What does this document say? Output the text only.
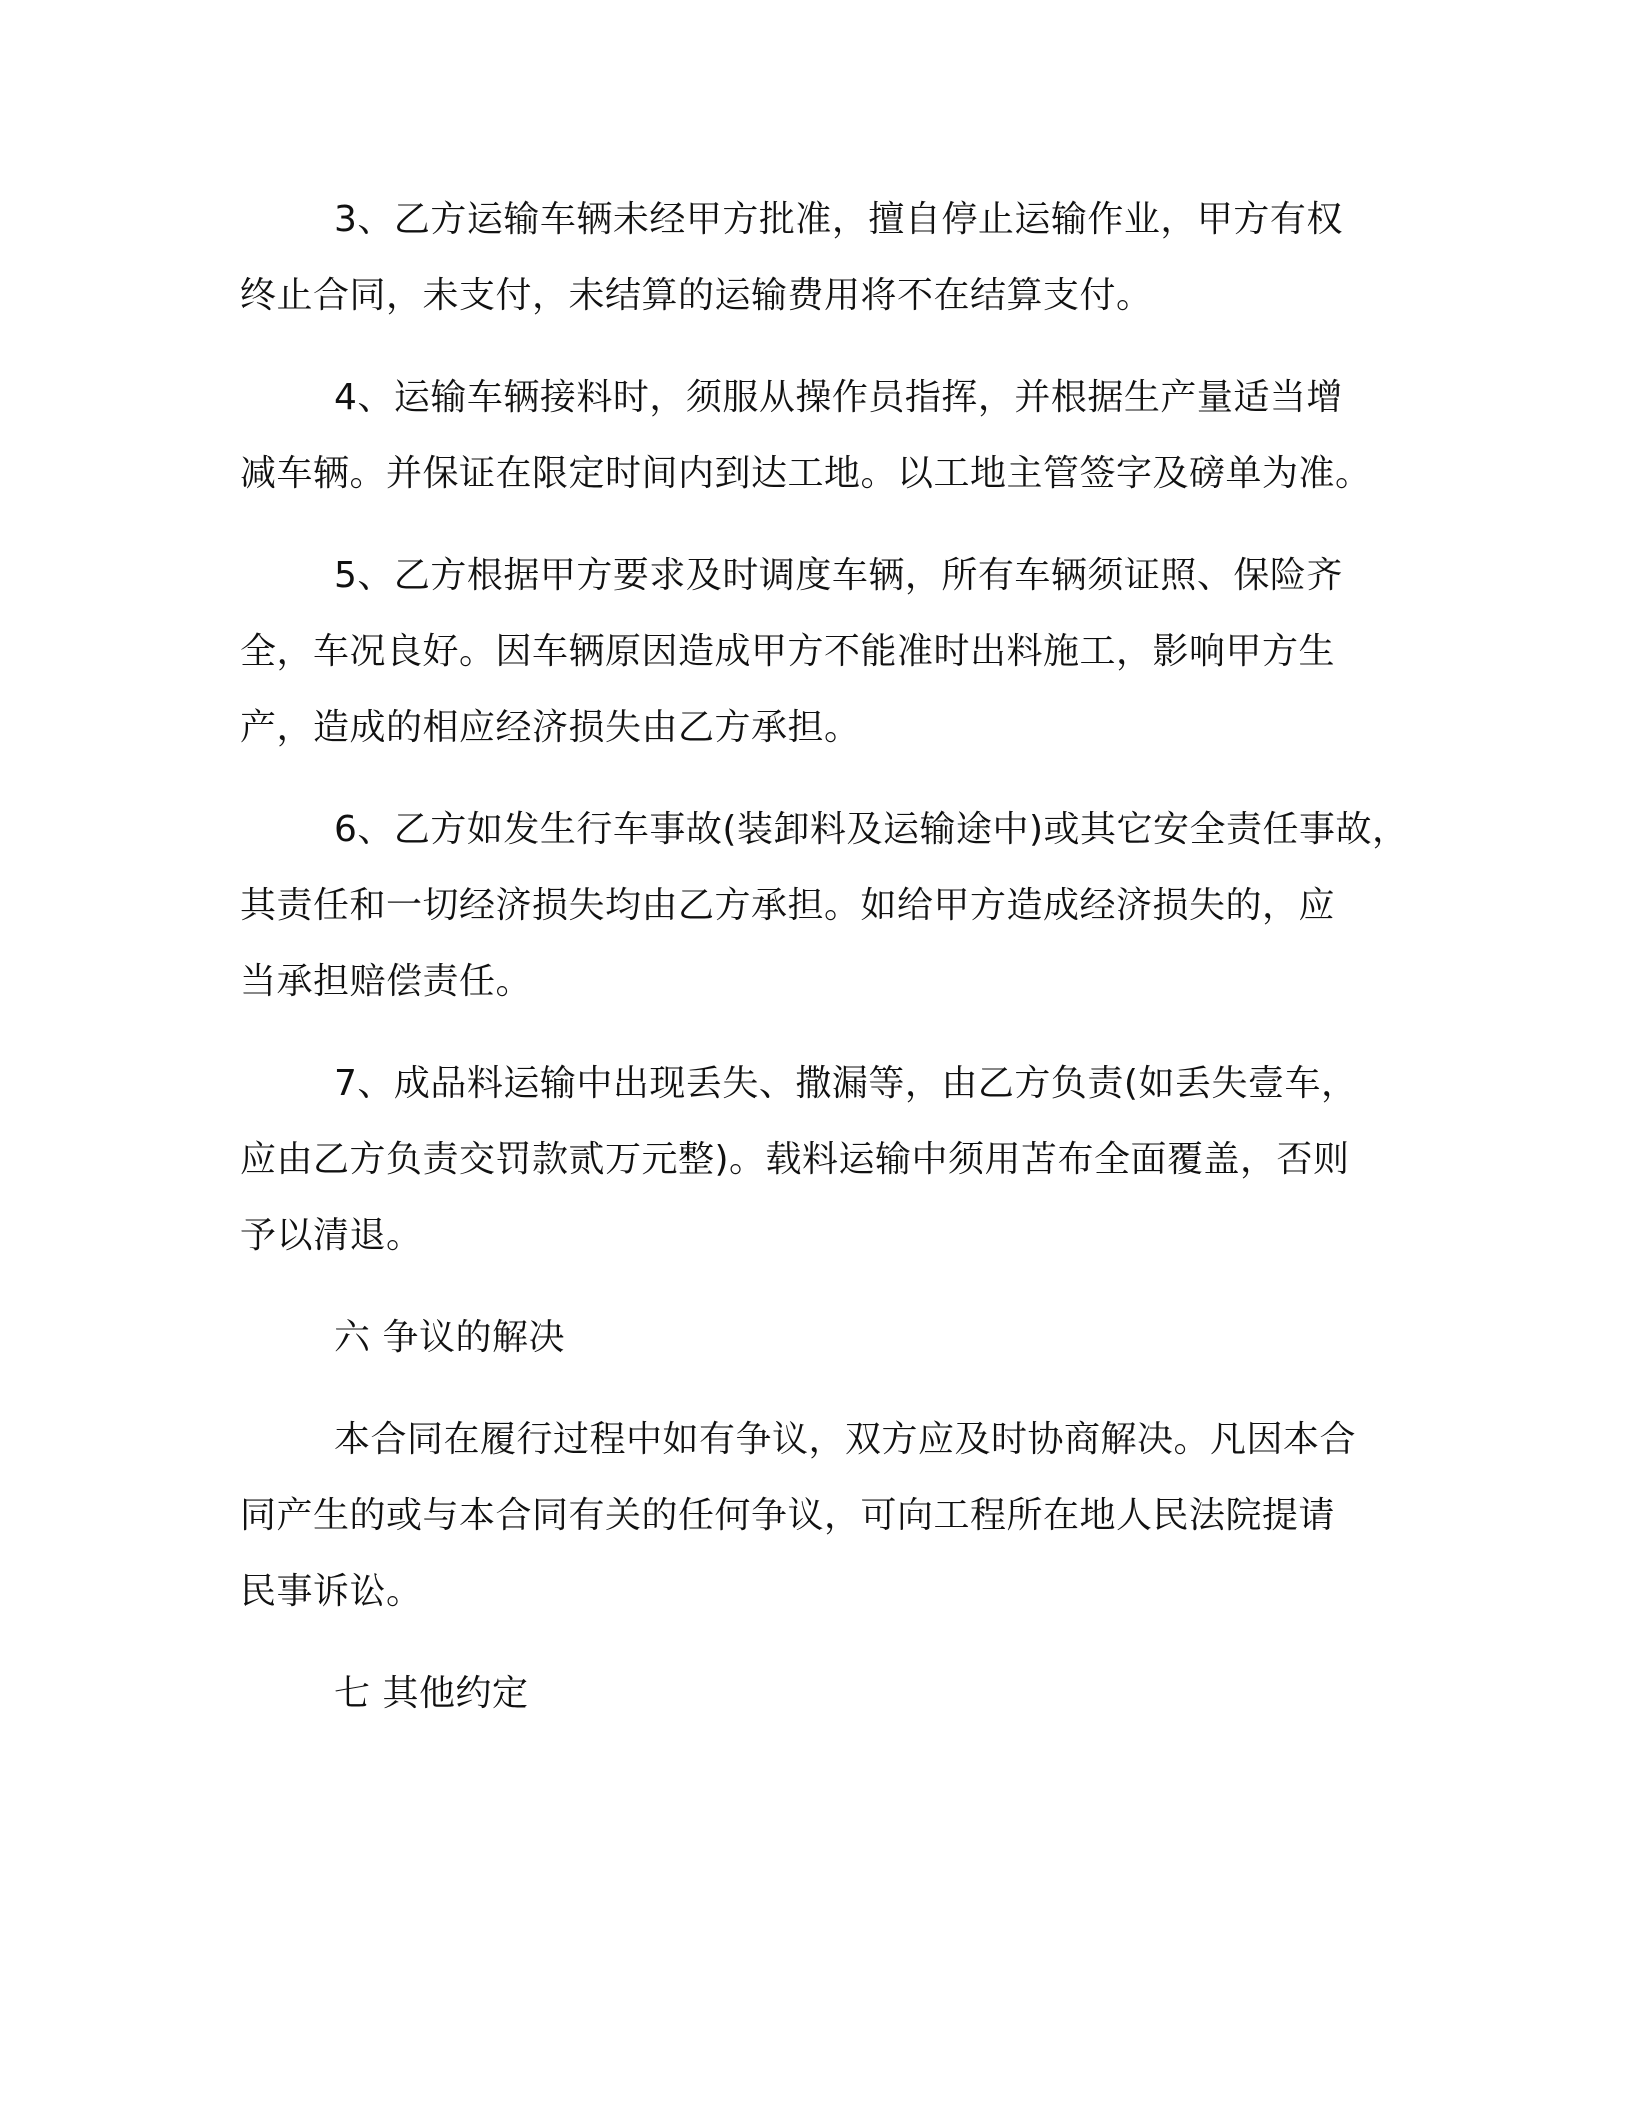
3、乙方运输车辆未经甲方批准，擅自停止运输作业，甲方有权
终止合同，未支付，未结算的运输费用将不在结算支付。
4、运输车辆接料时，须服从操作员指挥，并根据生产量适当增
减车辆。并保证在限定时间内到达工地。以工地主管签字及磅单为准。
5、乙方根据甲方要求及时调度车辆，所有车辆须证照、保险齐
全，车况良好。因车辆原因造成甲方不能准时出料施工，影响甲方生
产，造成的相应经济损失由乙方承担。
6、乙方如发生行车事故(装卸料及运输途中)或其它安全责任事故，
其责任和一切经济损失均由乙方承担。如给甲方造成经济损失的，应
当承担赔偿责任。
7、成品料运输中出现丢失、撒漏等，由乙方负责(如丢失壹车，
应由乙方负责交罚款贰万元整)。载料运输中须用苫布全面覆盖，否则
予以清退。
六 争议的解决
本合同在履行过程中如有争议，双方应及时协商解决。凡因本合
同产生的或与本合同有关的任何争议，可向工程所在地人民法院提请
民事诉讼。
七 其他约定
